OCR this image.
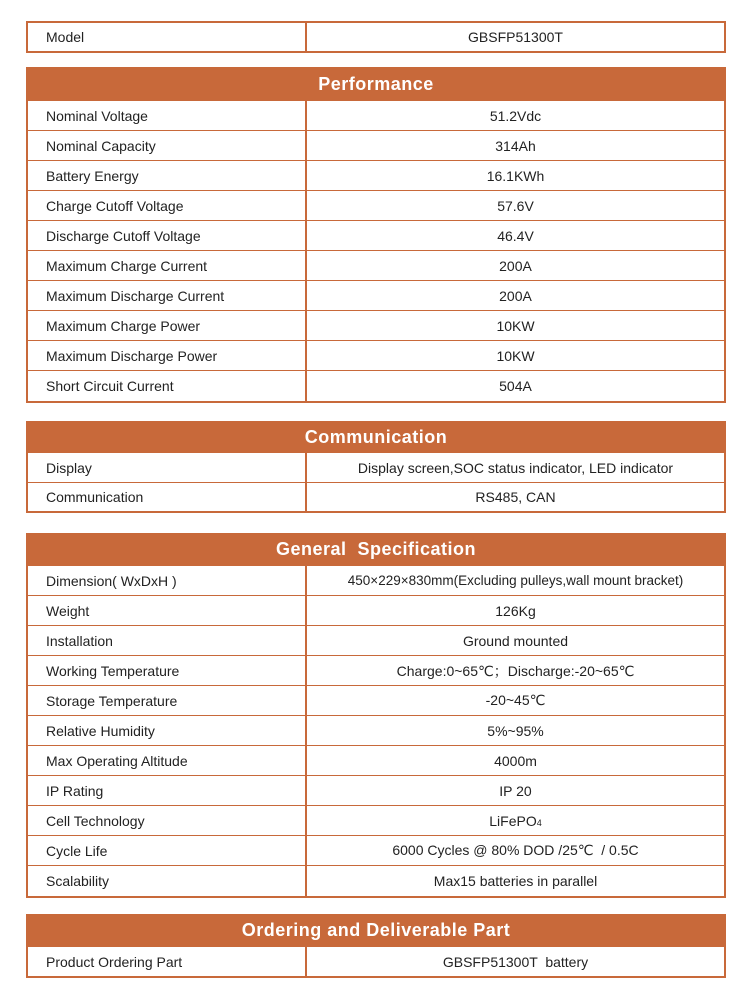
Model	GBSFP51300T
Performance
Nominal Voltage	51.2Vdc
Nominal Capacity	314Ah
Battery Energy	16.1KWh
Charge Cutoff Voltage	57.6V
Discharge Cutoff Voltage	46.4V
Maximum Charge Current	200A
Maximum Discharge Current	200A
Maximum Charge Power	10KW
Maximum Discharge Power	10KW
Short Circuit Current	504A
Communication
Display	Display screen,SOC status indicator, LED indicator
Communication	RS485, CAN
General  Specification
Dimension( WxDxH )	450×229×830mm(Excluding pulleys,wall mount bracket)
Weight	126Kg
Installation	Ground mounted
Working Temperature	Charge:0~65℃；Discharge:-20~65℃
Storage Temperature	-20~45℃
Relative Humidity	5%~95%
Max Operating Altitude	4000m
IP Rating	IP 20
Cell Technology	LiFePO 4
Cycle Life	6000 Cycles @ 80% DOD /25℃  / 0.5C
Scalability	Max15 batteries in parallel
Ordering and Deliverable Part
Product Ordering Part	GBSFP51300T  battery
